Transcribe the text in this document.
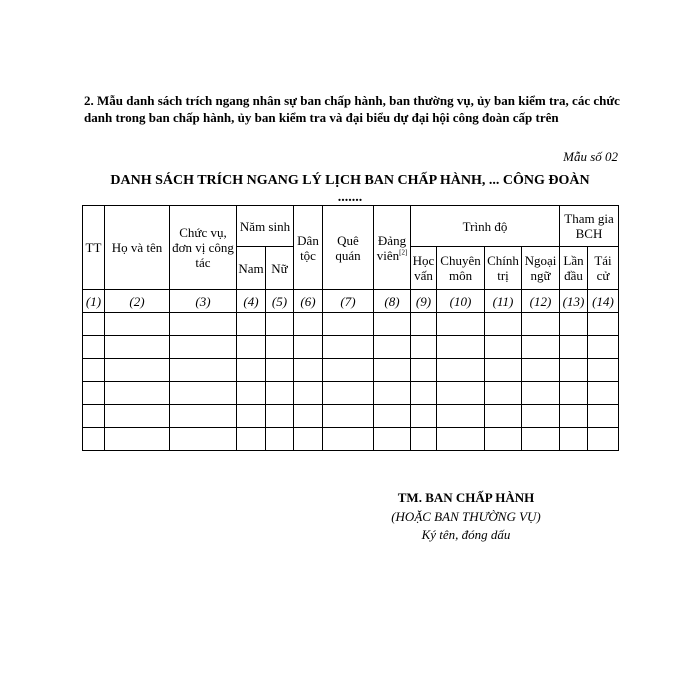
2. Mẫu danh sách trích ngang nhân sự ban chấp hành, ban thường vụ, ủy ban kiểm tra, các chức danh trong ban chấp hành, ủy ban kiểm tra và đại biểu dự đại hội công đoàn cấp trên
Mẫu số 02
DANH SÁCH TRÍCH NGANG LÝ LỊCH BAN CHẤP HÀNH, ... CÔNG ĐOÀN
.......
TT	Họ và tên	Chức vụ, đơn vị công tác	Năm sinh		Dân tộc	Quê quán	Đảng viên[2]	Trình độ				Tham gia BCH	
			Nam	Nữ				Học vấn	Chuyên môn	Chính trị	Ngoại ngữ	Lần đầu	Tái cử
(1)	(2)	(3)	(4)	(5)	(6)	(7)	(8)	(9)	(10)	(11)	(12)	(13)	(14)

TM. BAN CHẤP HÀNH
(HOẶC BAN THƯỜNG VỤ)
Ký tên, đóng dấu
